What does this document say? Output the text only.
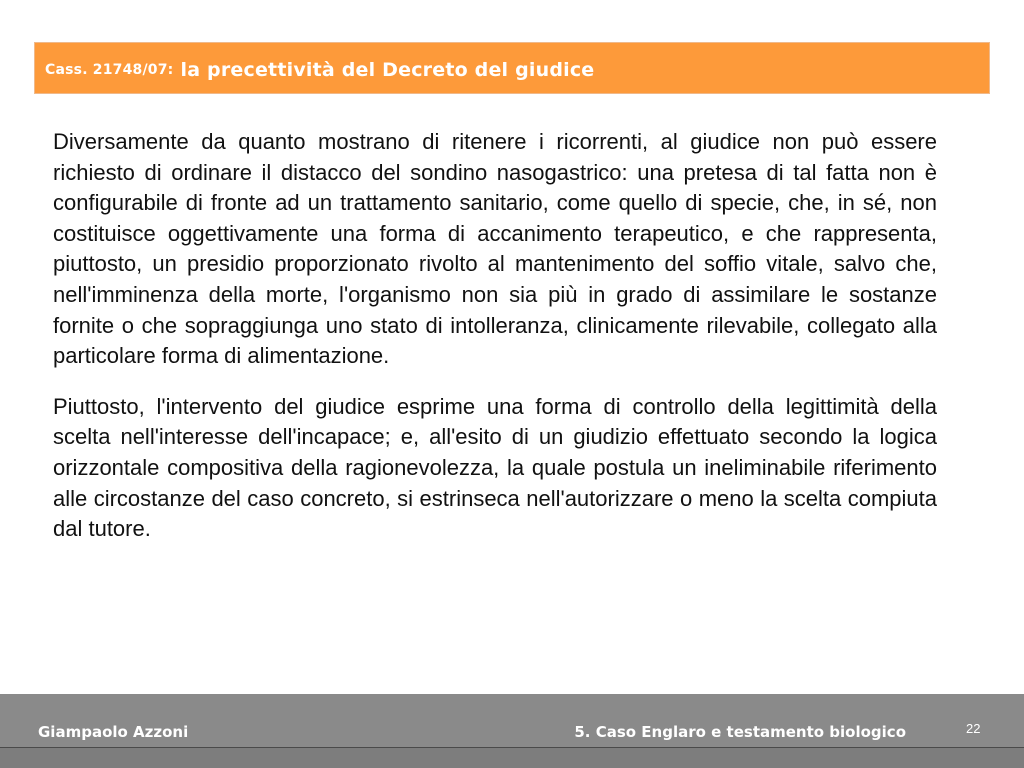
Cass. 21748/07: la precettività del Decreto del giudice

Diversamente da quanto mostrano di ritenere i ricorrenti, al giudice non può essere richiesto di ordinare il distacco del sondino nasogastrico: una pretesa di tal fatta non è configurabile di fronte ad un trattamento sanitario, come quello di specie, che, in sé, non costituisce oggettivamente una forma di accanimento terapeutico, e che rappresenta, piuttosto, un presidio proporzionato rivolto al mantenimento del soffio vitale, salvo che, nell'imminenza della morte, l'organismo non sia più in grado di assimilare le sostanze fornite o che sopraggiunga uno stato di intolleranza, clinicamente rilevabile, collegato alla particolare forma di alimentazione.

Piuttosto, l'intervento del giudice esprime una forma di controllo della legittimità della scelta nell'interesse dell'incapace; e, all'esito di un giudizio effettuato secondo la logica orizzontale compositiva della ragionevolezza, la quale postula un ineliminabile riferimento alle circostanze del caso concreto, si estrinseca nell'autorizzare o meno la scelta compiuta dal tutore.

Giampaolo Azzoni	5. Caso Englaro e testamento biologico	22
